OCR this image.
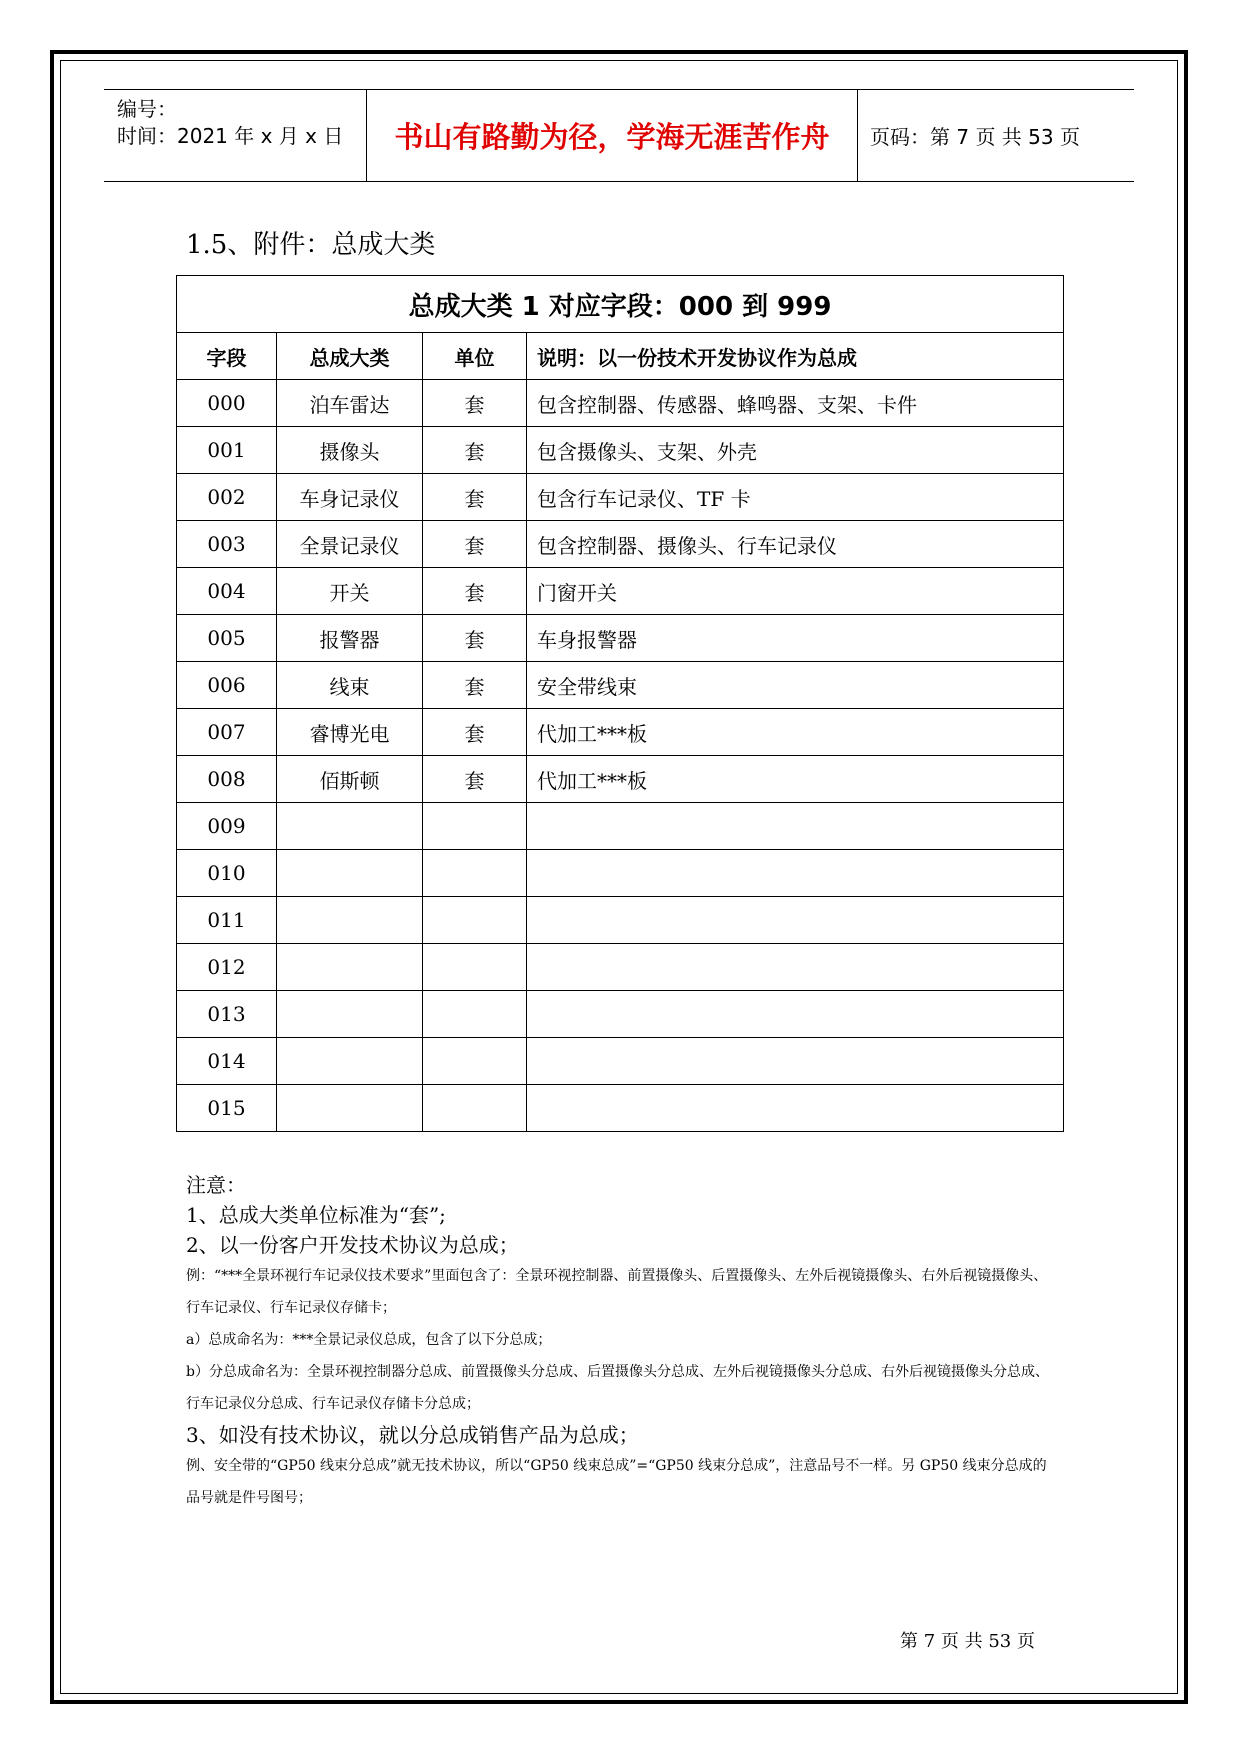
编号：
时间：2021 年 x 月 x 日	书山有路勤为径，学海无涯苦作舟	页码：第 7 页 共 53 页
1.5、附件：总成大类
总成大类 1 对应字段：000 到 999			
字段	总成大类	单位	说明：以一份技术开发协议作为总成
000	泊车雷达	套	包含控制器、传感器、蜂鸣器、支架、卡件
001	摄像头	套	包含摄像头、支架、外壳
002	车身记录仪	套	包含行车记录仪、TF 卡
003	全景记录仪	套	包含控制器、摄像头、行车记录仪
004	开关	套	门窗开关
005	报警器	套	车身报警器
006	线束	套	安全带线束
007	睿博光电	套	代加工***板
008	佰斯顿	套	代加工***板
009			
010			
011			
012			
013			
014			
015			
注意：
1、总成大类单位标准为“套”;
2、以一份客户开发技术协议为总成；
例：“***全景环视行车记录仪技术要求”里面包含了：全景环视控制器、前置摄像头、后置摄像头、左外后视镜摄像头、右外后视镜摄像头、行车记录仪、行车记录仪存储卡；
a）总成命名为：***全景记录仪总成，包含了以下分总成；
b）分总成命名为：全景环视控制器分总成、前置摄像头分总成、后置摄像头分总成、左外后视镜摄像头分总成、右外后视镜摄像头分总成、行车记录仪分总成、行车记录仪存储卡分总成；
3、如没有技术协议，就以分总成销售产品为总成；
例、安全带的“GP50 线束分总成”就无技术协议，所以“GP50 线束总成”=“GP50 线束分总成”，注意品号不一样。另 GP50 线束分总成的品号就是件号图号；
第 7 页 共 53 页
